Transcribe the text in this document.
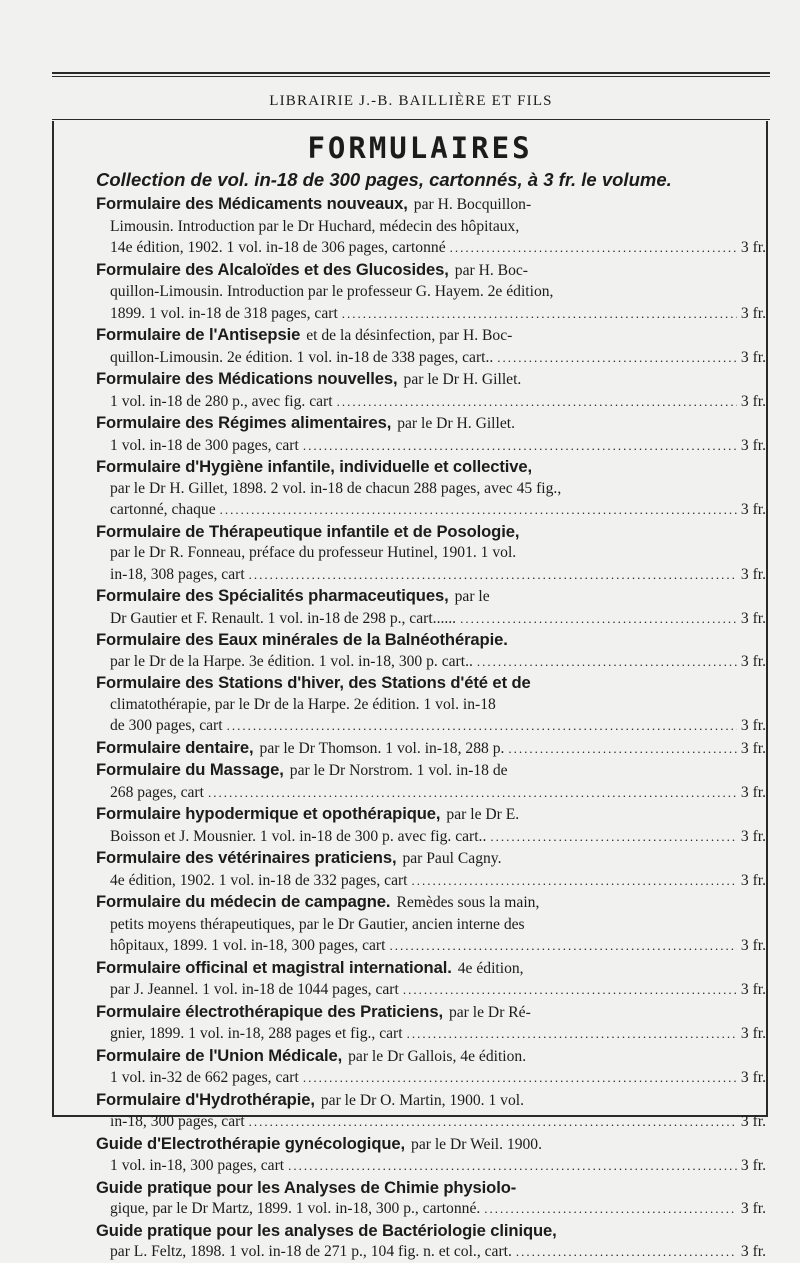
LIBRAIRIE J.-B. BAILLIÈRE ET FILS
FORMULAIRES
Collection de vol. in-18 de 300 pages, cartonnés, à 3 fr. le volume.
Formulaire des Médicaments nouveaux, par H. Bocquillon-
Limousin. Introduction par le Dr Huchard, médecin des hôpitaux,
14e édition, 1902. 1 vol. in-18 de 306 pages, cartonné .....	3 fr.
Formulaire des Alcaloïdes et des Glucosides, par H. Boc-
quillon-Limousin. Introduction par le professeur G. Hayem. 2e édition,
1899. 1 vol. in-18 de 318 pages, cart .....	3 fr.
Formulaire de l'Antisepsie et de la désinfection, par H. Boc-
quillon-Limousin. 2e édition. 1 vol. in-18 de 338 pages, cart.. .....	3 fr.
Formulaire des Médications nouvelles, par le Dr H. Gillet.
1 vol. in-18 de 280 p., avec fig. cart .....	3 fr.
Formulaire des Régimes alimentaires, par le Dr H. Gillet.
1 vol. in-18 de 300 pages, cart .....	3 fr.
Formulaire d'Hygiène infantile, individuelle et collective,
par le Dr H. Gillet, 1898. 2 vol. in-18 de chacun 288 pages, avec 45 fig.,
cartonné, chaque .....	3 fr.
Formulaire de Thérapeutique infantile et de Posologie,
par le Dr R. Fonneau, préface du professeur Hutinel, 1901. 1 vol.
in-18, 308 pages, cart .....	3 fr.
Formulaire des Spécialités pharmaceutiques, par le
Dr Gautier et F. Renault. 1 vol. in-18 de 298 p., cart...... .....	3 fr.
Formulaire des Eaux minérales de la Balnéothérapie.
par le Dr de la Harpe. 3e édition. 1 vol. in-18, 300 p. cart.. .....	3 fr.
Formulaire des Stations d'hiver, des Stations d'été et de
climatothérapie, par le Dr de la Harpe. 2e édition. 1 vol. in-18
de 300 pages, cart .....	3 fr.
Formulaire dentaire, par le Dr Thomson. 1 vol. in-18, 288 p. .....	3 fr.
Formulaire du Massage, par le Dr Norstrom. 1 vol. in-18 de
268 pages, cart .....	3 fr.
Formulaire hypodermique et opothérapique, par le Dr E.
Boisson et J. Mousnier. 1 vol. in-18 de 300 p. avec fig. cart.. .....	3 fr.
Formulaire des vétérinaires praticiens, par Paul Cagny.
4e édition, 1902. 1 vol. in-18 de 332 pages, cart .....	3 fr.
Formulaire du médecin de campagne. Remèdes sous la main,
petits moyens thérapeutiques, par le Dr Gautier, ancien interne des
hôpitaux, 1899. 1 vol. in-18, 300 pages, cart .....	3 fr.
Formulaire officinal et magistral international. 4e édition,
par J. Jeannel. 1 vol. in-18 de 1044 pages, cart .....	3 fr.
Formulaire électrothérapique des Praticiens, par le Dr Ré-
gnier, 1899. 1 vol. in-18, 288 pages et fig., cart .....	3 fr.
Formulaire de l'Union Médicale, par le Dr Gallois, 4e édition.
1 vol. in-32 de 662 pages, cart .....	3 fr.
Formulaire d'Hydrothérapie, par le Dr O. Martin, 1900. 1 vol.
in-18, 300 pages, cart .....	3 fr.
Guide d'Electrothérapie gynécologique, par le Dr Weil. 1900.
1 vol. in-18, 300 pages, cart .....	3 fr.
Guide pratique pour les Analyses de Chimie physiolo-
gique, par le Dr Martz, 1899. 1 vol. in-18, 300 p., cartonné. .....	3 fr.
Guide pratique pour les analyses de Bactériologie clinique,
par L. Feltz, 1898. 1 vol. in-18 de 271 p., 104 fig. n. et col., cart. .....	3 fr.
